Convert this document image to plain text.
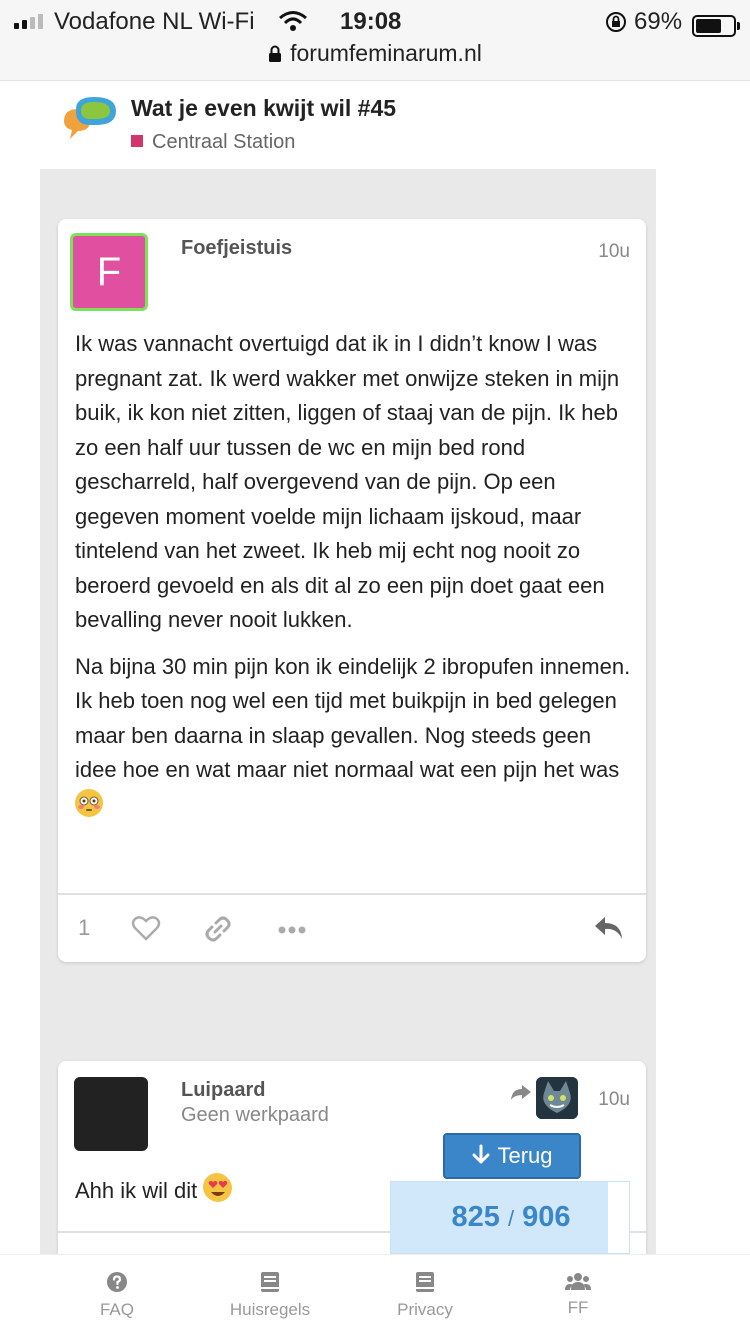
Vodafone NL Wi-Fi	19:08	69%
forumfeminarum.nl
Wat je even kwijt wil #45
Centraal Station
F
Foefjeistuis	10u

Ik was vannacht overtuigd dat ik in I didn’t know I was pregnant zat. Ik werd wakker met onwijze steken in mijn buik, ik kon niet zitten, liggen of staaj van de pijn. Ik heb zo een half uur tussen de wc en mijn bed rond gescharreld, half overgevend van de pijn. Op een gegeven moment voelde mijn lichaam ijskoud, maar tintelend van het zweet. Ik heb mij echt nog nooit zo beroerd gevoeld en als dit al zo een pijn doet gaat een bevalling never nooit lukken.

Na bijna 30 min pijn kon ik eindelijk 2 ibropufen innemen. Ik heb toen nog wel een tijd met buikpijn in bed gelegen maar ben daarna in slaap gevallen. Nog steeds geen idee hoe en wat maar niet normaal wat een pijn het was

1
Luipaard
Geen werkpaard
10u
Ahh ik wil dit
Terug
825 / 906
FAQ	Huisregels	Privacy	FF
